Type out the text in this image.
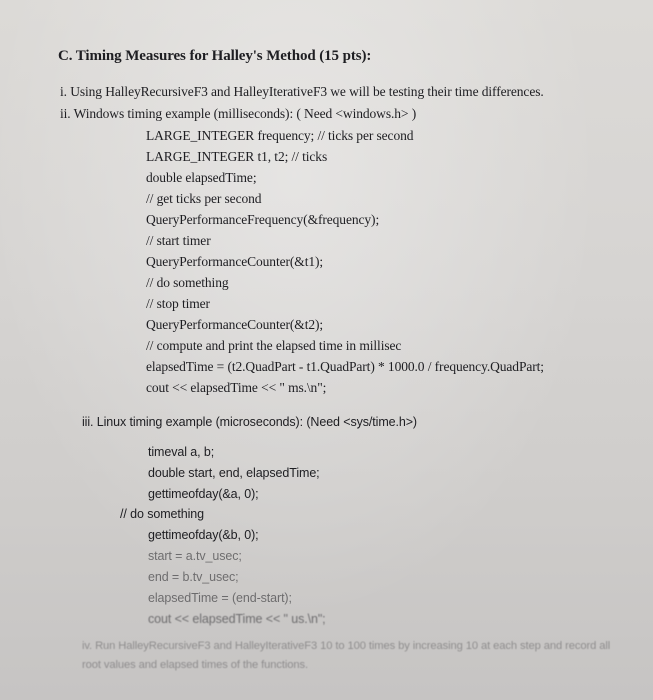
C. Timing Measures for Halley's Method (15 pts):
i. Using HalleyRecursiveF3 and HalleyIterativeF3 we will be testing their time differences.
ii. Windows timing example (milliseconds): ( Need <windows.h> )
LARGE_INTEGER frequency; // ticks per second
LARGE_INTEGER t1, t2; // ticks
double elapsedTime;
// get ticks per second
QueryPerformanceFrequency(&frequency);
// start timer
QueryPerformanceCounter(&t1);
// do something
// stop timer
QueryPerformanceCounter(&t2);
// compute and print the elapsed time in millisec
elapsedTime = (t2.QuadPart - t1.QuadPart) * 1000.0 / frequency.QuadPart;
cout << elapsedTime << " ms.\n";
iii. Linux timing example (microseconds): (Need <sys/time.h>)
timeval a, b;
double start, end, elapsedTime;
gettimeofday(&a, 0);
// do something
gettimeofday(&b, 0);
start = a.tv_usec;
end = b.tv_usec;
elapsedTime = (end-start);
cout << elapsedTime << " us.\n";
iv. Run HalleyRecursiveF3 and HalleyIterativeF3 10 to 100 times by increasing 10 at each step and record all
root values and elapsed times of the functions.
